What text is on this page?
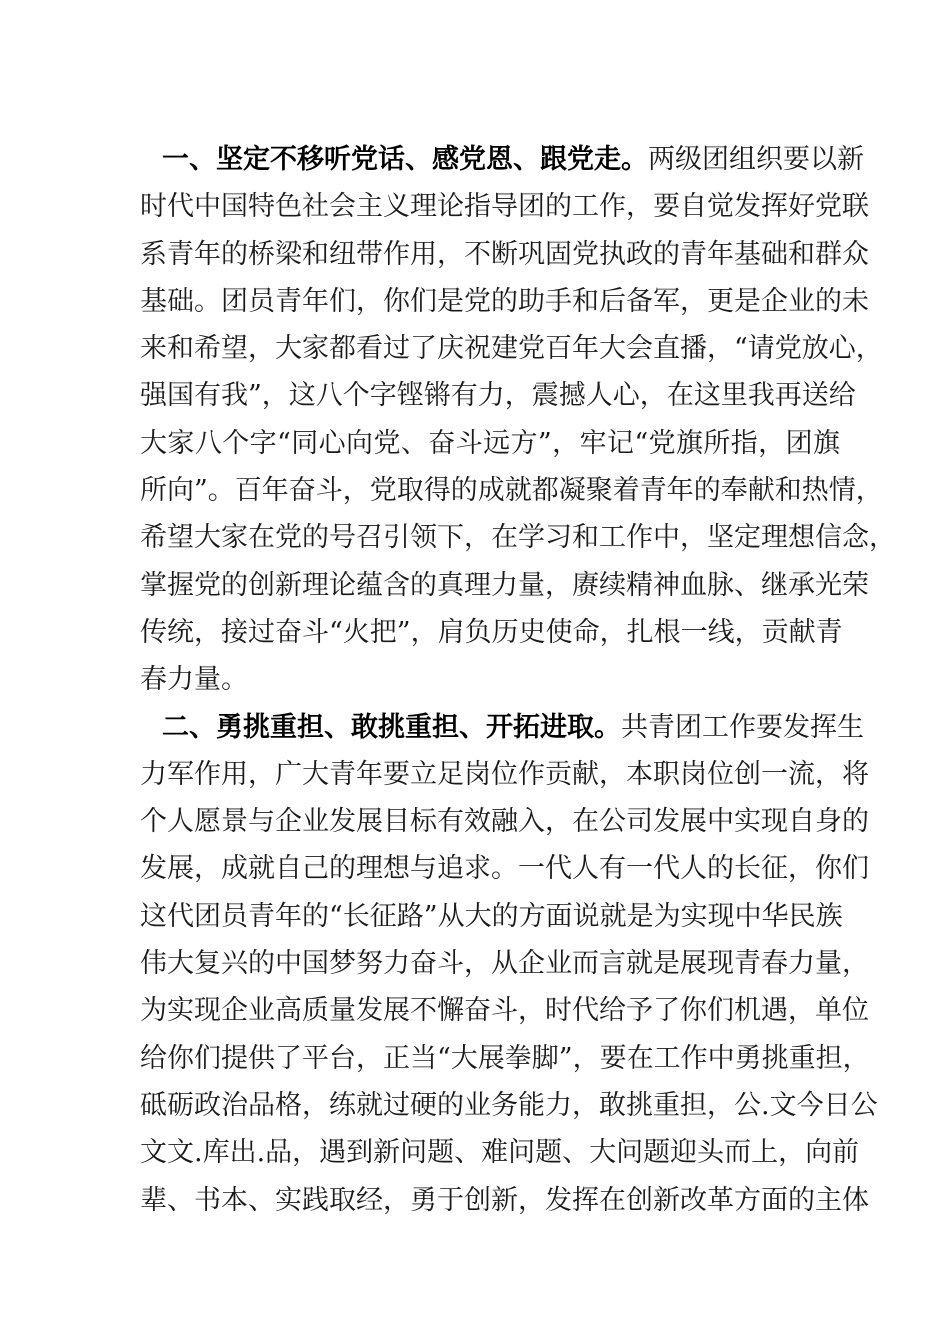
一、坚定不移听党话、感党恩、跟党走。两级团组织要以新
时代中国特色社会主义理论指导团的工作，要自觉发挥好党联
系青年的桥梁和纽带作用，不断巩固党执政的青年基础和群众
基础。团员青年们，你们是党的助手和后备军，更是企业的未
来和希望，大家都看过了庆祝建党百年大会直播，“请党放心，
强国有我”，这八个字铿锵有力，震撼人心，在这里我再送给
大家八个字“同心向党、奋斗远方”，牢记“党旗所指，团旗
所向”。百年奋斗，党取得的成就都凝聚着青年的奉献和热情，
希望大家在党的号召引领下，在学习和工作中，坚定理想信念，
掌握党的创新理论蕴含的真理力量，赓续精神血脉、继承光荣
传统，接过奋斗“火把”，肩负历史使命，扎根一线，贡献青
春力量。
二、勇挑重担、敢挑重担、开拓进取。共青团工作要发挥生
力军作用，广大青年要立足岗位作贡献，本职岗位创一流，将
个人愿景与企业发展目标有效融入，在公司发展中实现自身的
发展，成就自己的理想与追求。一代人有一代人的长征，你们
这代团员青年的“长征路”从大的方面说就是为实现中华民族
伟大复兴的中国梦努力奋斗，从企业而言就是展现青春力量，
为实现企业高质量发展不懈奋斗，时代给予了你们机遇，单位
给你们提供了平台，正当“大展拳脚”，要在工作中勇挑重担，
砥砺政治品格，练就过硬的业务能力，敢挑重担，公.文今日公
文文.库出.品，遇到新问题、难问题、大问题迎头而上，向前
辈、书本、实践取经，勇于创新，发挥在创新改革方面的主体
